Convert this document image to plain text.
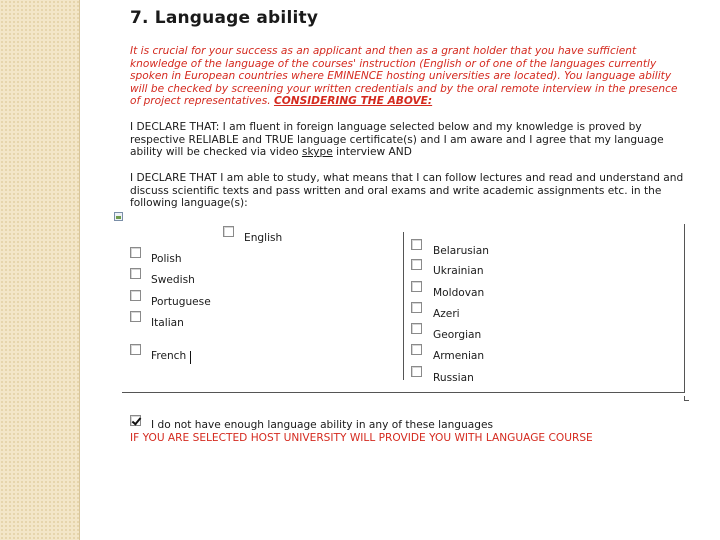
7. Language ability
It is crucial for your success as an applicant and then as a grant holder that you have sufficient knowledge of the language of the courses' instruction (English or of one of the languages currently spoken in European countries where EMINENCE hosting universities are located). You language ability will be checked by screening your written credentials and by the oral remote interview in the presence of project representatives. CONSIDERING THE ABOVE:
I DECLARE THAT: I am fluent in foreign language selected below and my knowledge is proved by respective RELIABLE and TRUE language certificate(s) and I am aware and I agree that my language ability will be checked via video skype interview AND
I DECLARE THAT I am able to study, what means that I can follow lectures and read and understand and discuss scientific texts and pass written and oral exams and write academic assignments etc. in the following language(s):
English
Polish
Swedish
Portuguese
Italian
French
Belarusian
Ukrainian
Moldovan
Azeri
Georgian
Armenian
Russian
I do not have enough language ability in any of these languages
IF YOU ARE SELECTED HOST UNIVERSITY WILL PROVIDE YOU WITH LANGUAGE COURSE
